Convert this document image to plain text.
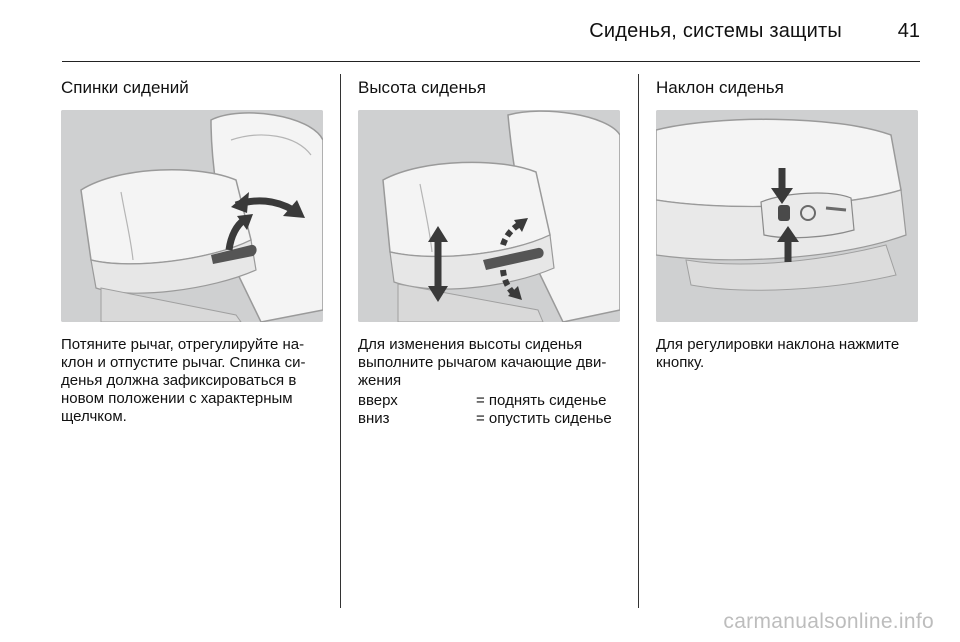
Сиденья, системы защиты	41
Спинки сидений
Потяните рычаг, отрегулируйте на-клон и отпустите рычаг. Спинка си-денья должна зафиксироваться в новом положении с характерным щелчком.
Высота сиденья
Для изменения высоты сиденья выполните рычагом качающие дви-жения
вверх	= поднять сиденье
вниз	= опустить сиденье
Наклон сиденья
Для регулировки наклона нажмите кнопку.
carmanualsonline.info
